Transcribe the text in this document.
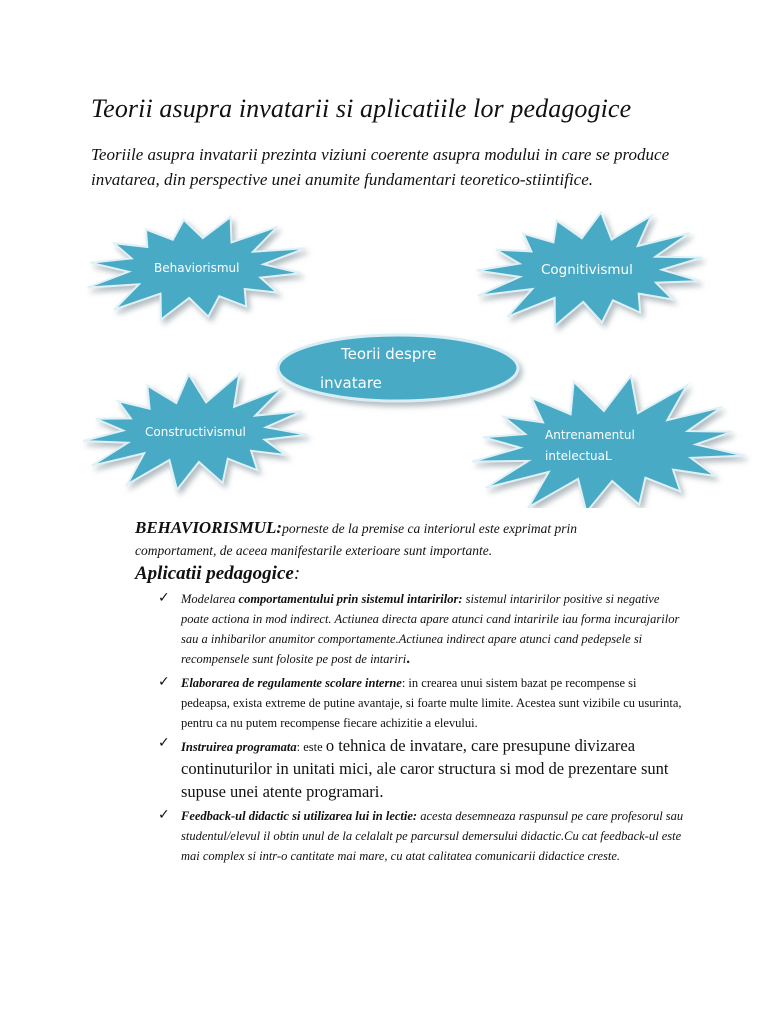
Teorii asupra invatarii si aplicatiile lor pedagogice
Teoriile asupra invatarii prezinta viziuni coerente asupra modului in care se produce invatarea, din perspective unei anumite fundamentari teoretico-stiintifice.
Behaviorismul	Cognitivismul
Constructivismul	Antrenamentul
intelectuaL
Teorii despre
invatare
BEHAVIORISMUL:porneste de la premise ca interiorul este exprimat prin comportament, de aceea manifestarile exterioare sunt importante.
Aplicatii pedagogice:
✓ Modelarea comportamentului prin sistemul intaririlor: sistemul intaririlor positive si negative poate actiona in mod indirect. Actiunea directa apare atunci cand intaririle iau forma incurajarilor sau a inhibarilor anumitor comportamente.Actiunea indirect apare atunci cand pedepsele si recompensele sunt folosite pe post de intariri.
✓ Elaborarea de regulamente scolare interne: in crearea unui sistem bazat pe recompense si pedeapsa, exista extreme de putine avantaje, si foarte multe limite. Acestea sunt vizibile cu usurinta, pentru ca nu putem recompense fiecare achizitie a elevului.
✓ Instruirea programata: este o tehnica de invatare, care presupune divizarea continuturilor in unitati mici, ale caror structura si mod de prezentare sunt supuse unei atente programari.
✓ Feedback-ul didactic si utilizarea lui in lectie: acesta desemneaza raspunsul pe care profesorul sau studentul/elevul il obtin unul de la celalalt pe parcursul demersului didactic.Cu cat feedback-ul este mai complex si intr-o cantitate mai mare, cu atat calitatea comunicarii didactice creste.
